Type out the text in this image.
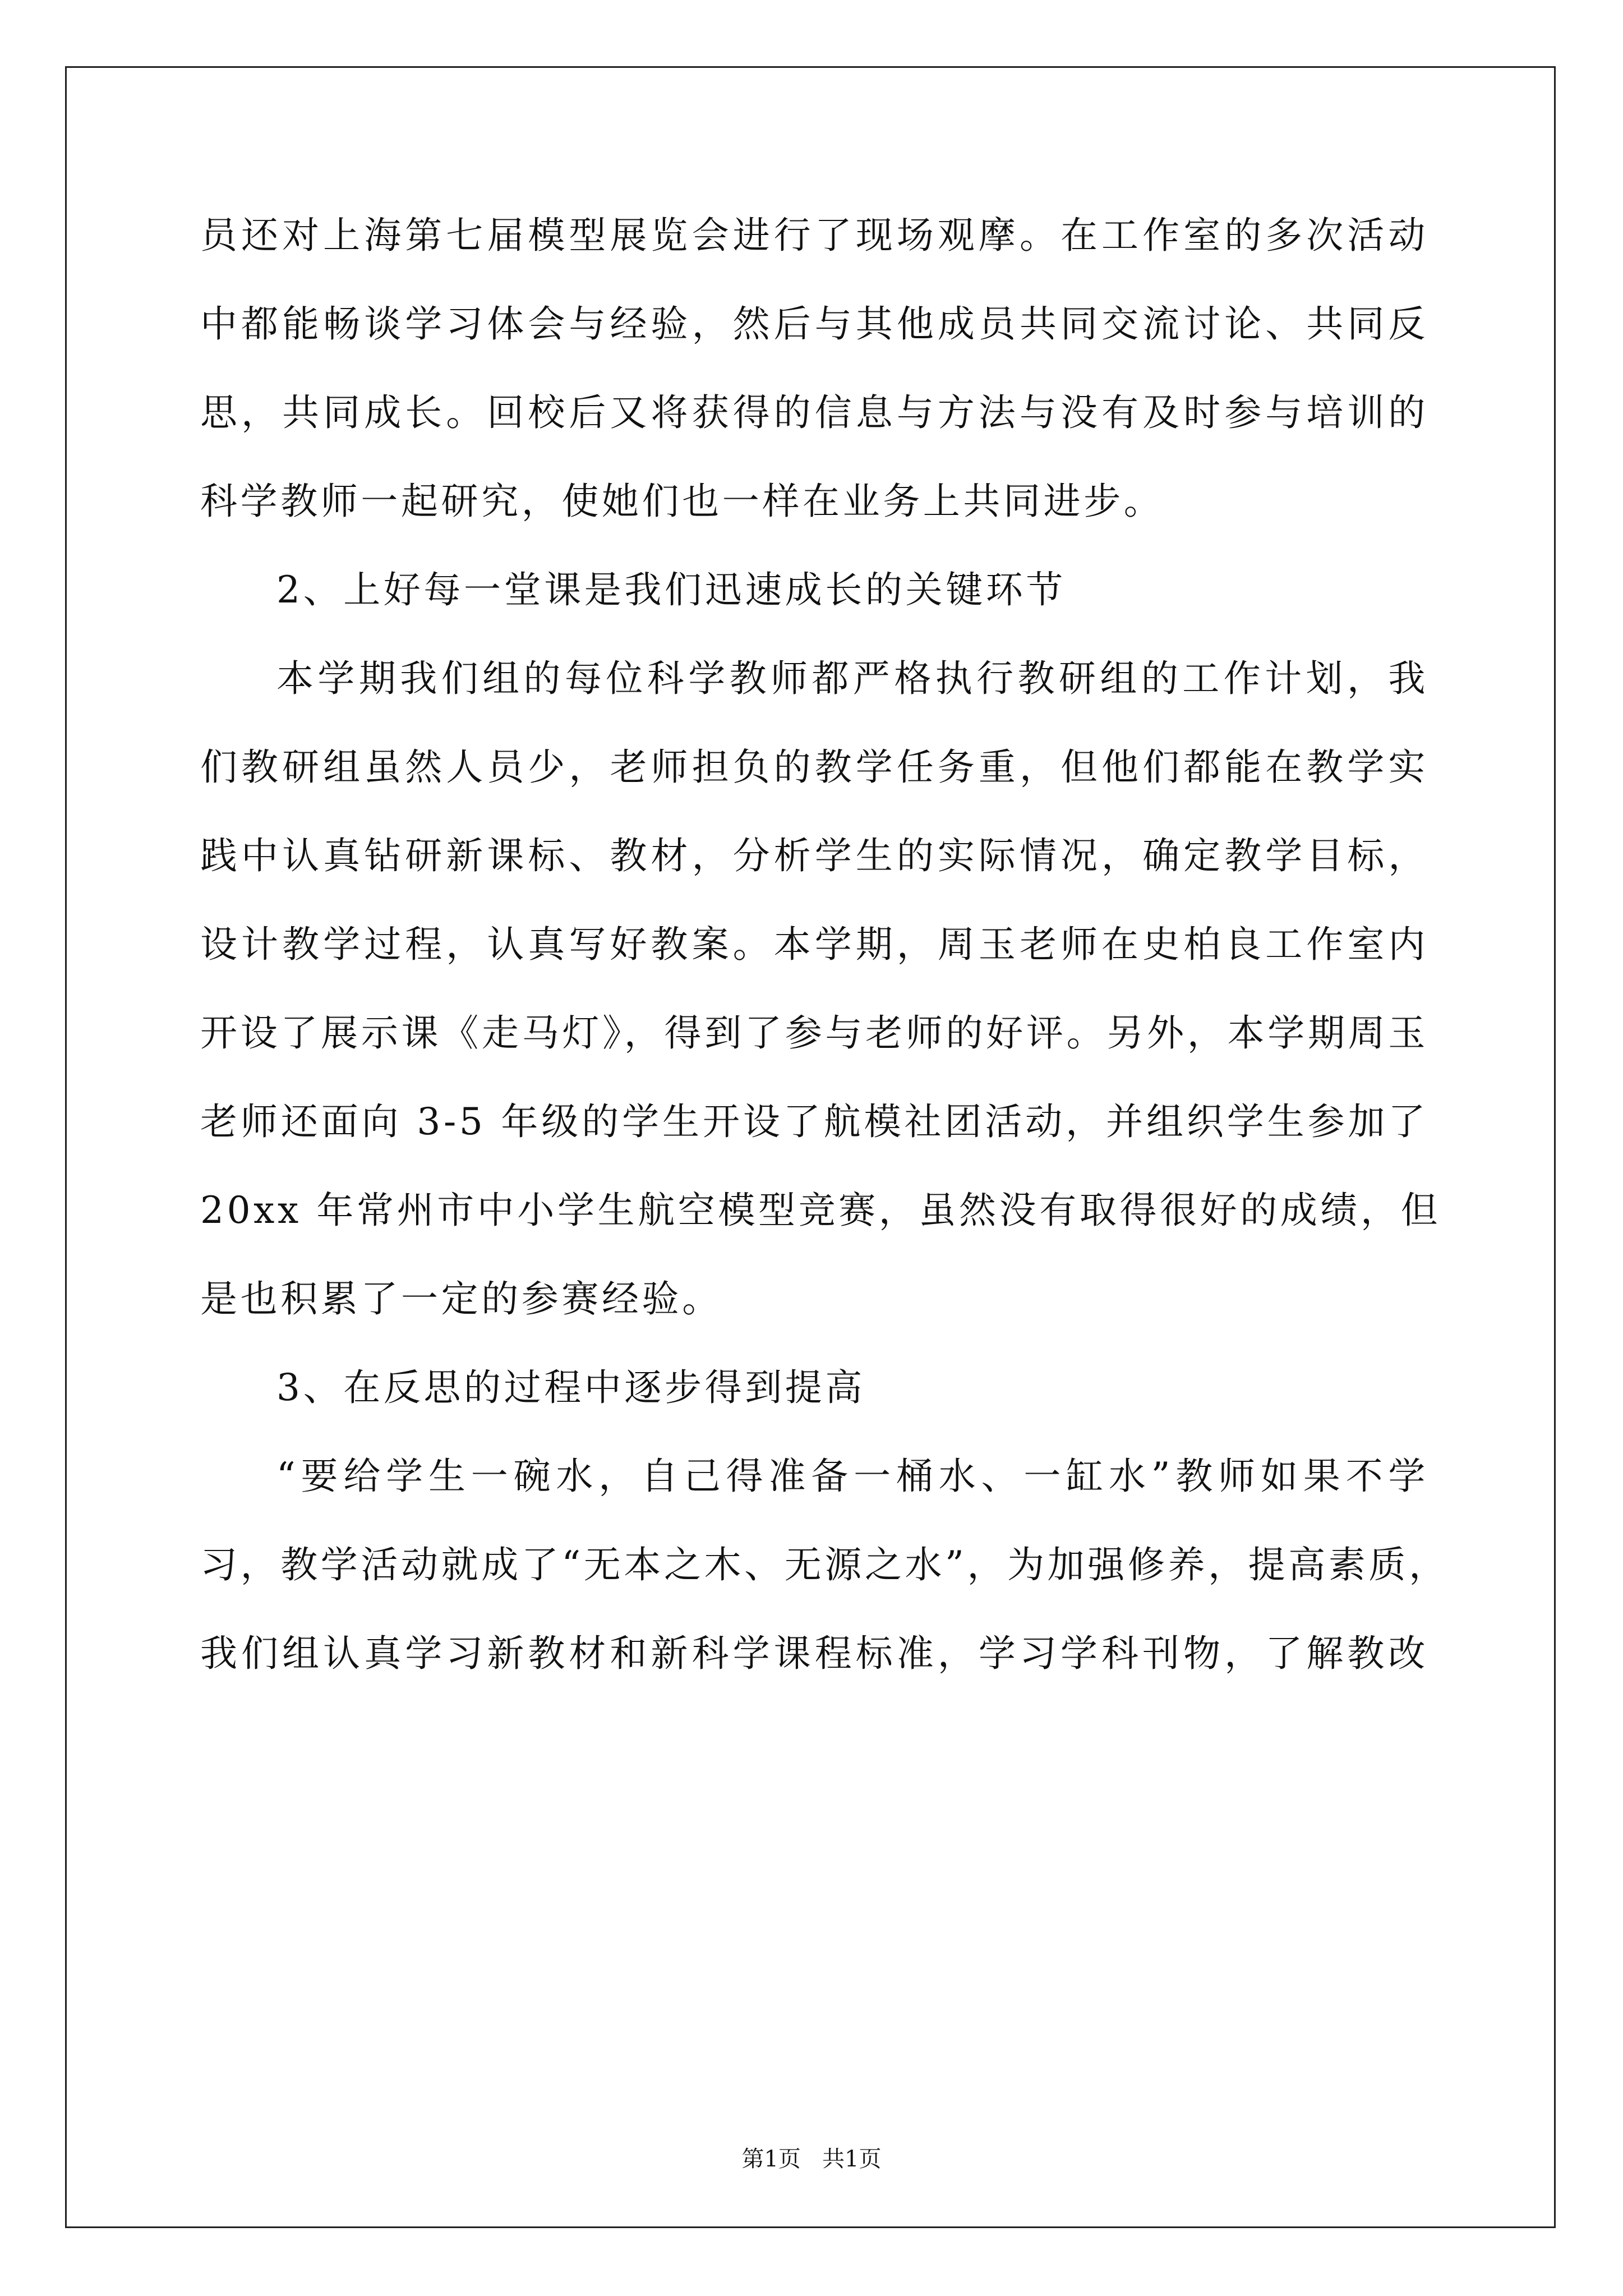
员还对上海第七届模型展览会进行了现场观摩。在工作室的多次活动
中都能畅谈学习体会与经验，然后与其他成员共同交流讨论、共同反
思，共同成长。回校后又将获得的信息与方法与没有及时参与培训的
科学教师一起研究，使她们也一样在业务上共同进步。
2、上好每一堂课是我们迅速成长的关键环节
本学期我们组的每位科学教师都严格执行教研组的工作计划，我
们教研组虽然人员少，老师担负的教学任务重，但他们都能在教学实
践中认真钻研新课标、教材，分析学生的实际情况，确定教学目标，
设计教学过程，认真写好教案。本学期，周玉老师在史柏良工作室内
开设了展示课《走马灯》，得到了参与老师的好评。另外，本学期周玉
老师还面向 3-5 年级的学生开设了航模社团活动，并组织学生参加了
20xx 年常州市中小学生航空模型竞赛，虽然没有取得很好的成绩，但
是也积累了一定的参赛经验。
3、在反思的过程中逐步得到提高
“要给学生一碗水，自己得准备一桶水、一缸水”教师如果不学
习，教学活动就成了“无本之木、无源之水”，为加强修养，提高素质，
我们组认真学习新教材和新科学课程标准，学习学科刊物，了解教改
第1页   共1页
